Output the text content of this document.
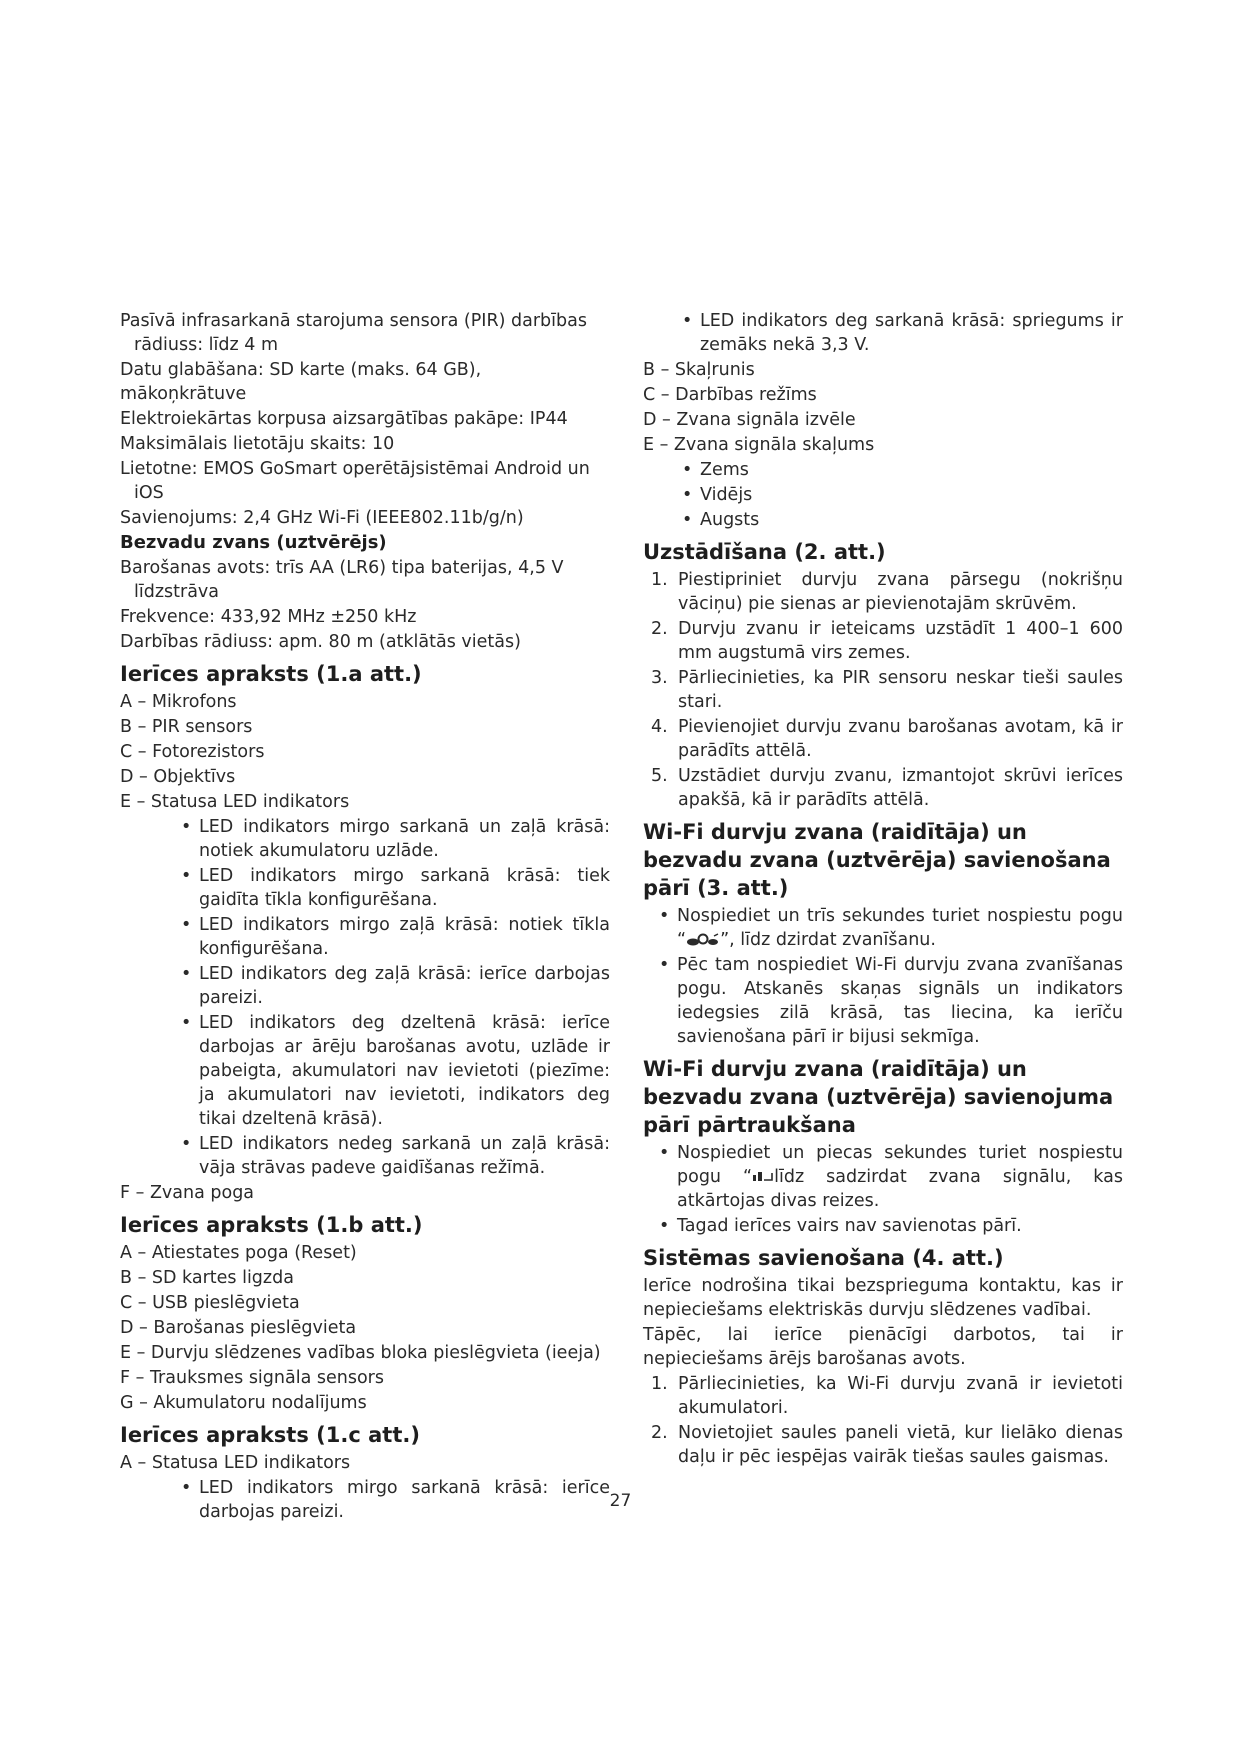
Pasīvā infrasarkanā starojuma sensora (PIR) darbības rādiuss: līdz 4 m

Datu glabāšana: SD karte (maks. 64 GB), mākoņkrātuve

Elektroiekārtas korpusa aizsargātības pakāpe: IP44

Maksimālais lietotāju skaits: 10

Lietotne: EMOS GoSmart operētājsistēmai Android un iOS

Savienojums: 2,4 GHz Wi-Fi (IEEE802.11b/g/n)

Bezvadu zvans (uztvērējs)

Barošanas avots: trīs AA (LR6) tipa baterijas, 4,5 V līdzstrāva

Frekvence: 433,92 MHz ±250 kHz

Darbības rādiuss: apm. 80 m (atklātās vietās)

Ierīces apraksts (1.a att.)

A – Mikrofons

B – PIR sensors

C – Fotorezistors

D – Objektīvs

E – Statusa LED indikators

• LED indikators mirgo sarkanā un zaļā krāsā: notiek akumulatoru uzlāde.
• LED indikators mirgo sarkanā krāsā: tiek gaidīta tīkla konfigurēšana.
• LED indikators mirgo zaļā krāsā: notiek tīkla konfigurēšana.
• LED indikators deg zaļā krāsā: ierīce darbojas pareizi.
• LED indikators deg dzeltenā krāsā: ierīce darbojas ar ārēju barošanas avotu, uzlāde ir pabeigta, akumulatori nav ievietoti (piezīme: ja akumulatori nav ievietoti, indikators deg tikai dzeltenā krāsā).
• LED indikators nedeg sarkanā un zaļā krāsā: vāja strāvas padeve gaidīšanas režīmā.

F – Zvana poga

Ierīces apraksts (1.b att.)

A – Atiestates poga (Reset)

B – SD kartes ligzda

C – USB pieslēgvieta

D – Barošanas pieslēgvieta

E – Durvju slēdzenes vadības bloka pieslēgvieta (ieeja)

F – Trauksmes signāla sensors

G – Akumulatoru nodalījums

Ierīces apraksts (1.c att.)

A – Statusa LED indikators

• LED indikators mirgo sarkanā krāsā: ierīce darbojas pareizi.
• LED indikators deg sarkanā krāsā: spriegums ir zemāks nekā 3,3 V.

B – Skaļrunis

C – Darbības režīms

D – Zvana signāla izvēle

E – Zvana signāla skaļums

• Zems
• Vidējs
• Augsts
Uzstādīšana (2. att.)
1. Piestipriniet durvju zvana pārsegu (nokrišņu vāciņu) pie sienas ar pievienotajām skrūvēm.
2. Durvju zvanu ir ieteicams uzstādīt 1 400–1 600 mm augstumā virs zemes.
3. Pārliecinieties, ka PIR sensoru neskar tieši saules stari.
4. Pievienojiet durvju zvanu barošanas avotam, kā ir parādīts attēlā.
5. Uzstādiet durvju zvanu, izmantojot skrūvi ierīces apakšā, kā ir parādīts attēlā.
Wi-Fi durvju zvana (raidītāja) un bezvadu zvana (uztvērēja) savienošana pārī (3. att.)
• Nospiediet un trīs sekundes turiet nospiestu pogu “ ”, līdz dzirdat zvanīšanu.
• Pēc tam nospiediet Wi-Fi durvju zvana zvanīšanas pogu. Atskanēs skaņas signāls un indikators iedegsies zilā krāsā, tas liecina, ka ierīču savienošana pārī ir bijusi sekmīga.
Wi-Fi durvju zvana (raidītāja) un bezvadu zvana (uztvērēja) savienojuma pārī pārtraukšana
• Nospiediet un piecas sekundes turiet nospiestu pogu “ līdz sadzirdat zvana signālu, kas atkārtojas divas reizes.
• Tagad ierīces vairs nav savienotas pārī.
Sistēmas savienošana (4. att.)

Ierīce nodrošina tikai bezsprieguma kontaktu, kas ir nepieciešams elektriskās durvju slēdzenes vadībai.

Tāpēc, lai ierīce pienācīgi darbotos, tai ir nepieciešams ārējs barošanas avots.

1. Pārliecinieties, ka Wi-Fi durvju zvanā ir ievietoti akumulatori.
2. Novietojiet saules paneli vietā, kur lielāko dienas daļu ir pēc iespējas vairāk tiešas saules gaismas.
27
